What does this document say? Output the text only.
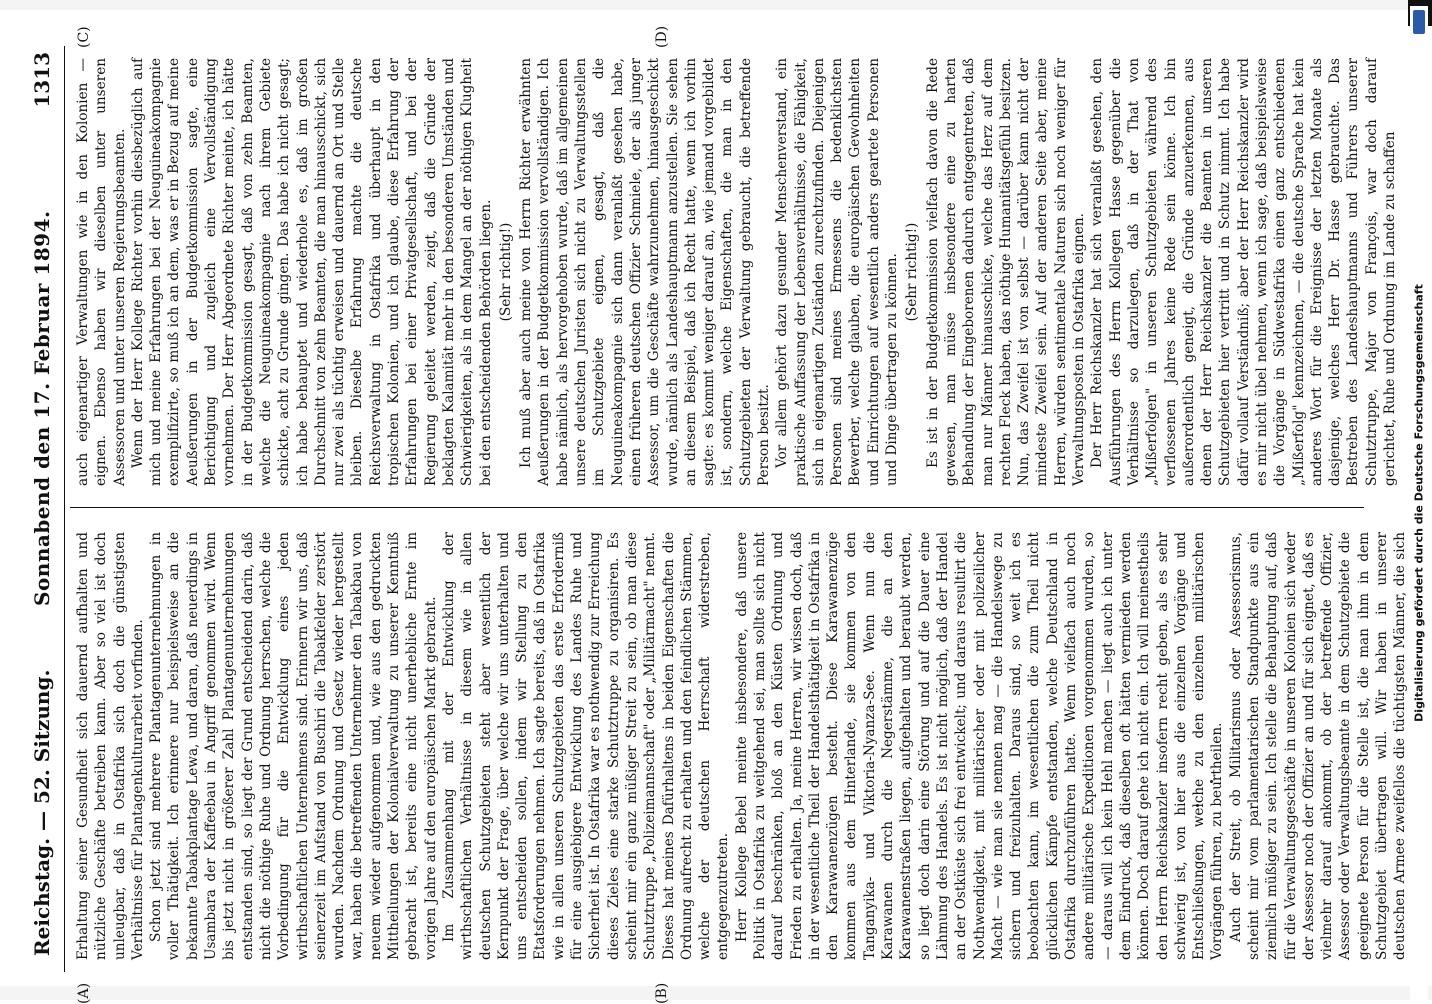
Reichstag. — 52. Sitzung.
Sonnabend den 17. Februar 1894.
1313
(A)	(B)
(C)	(D)

Erhaltung seiner Gesundheit sich dauernd aufhalten und nützliche Geschäfte betreiben kann. Aber so viel ist doch unleugbar, daß in Ostafrika sich doch die günstigsten Verhältnisse für Plantagenkulturarbeit vorfinden. Schon jetzt sind mehrere Plantagenunternehmungen in voller Thätigkeit. Ich erinnere nur beispielsweise an die bekannte Tabakplantage Lewa, und daran, daß neuerdings in Usambara der Kaffeebau in Angriff genommen wird. Wenn bis jetzt nicht in größerer Zahl Plantagenunternehmungen entstanden sind, so liegt der Grund entscheidend darin, daß nicht die nöthige Ruhe und Ordnung herrschen, welche die Vorbedingung für die Entwicklung eines jeden wirthschaftlichen Unternehmens sind. Erinnern wir uns, daß seinerzeit im Aufstand von Buschiri die Tabakfelder zerstört wurden. Nachdem Ordnung und Gesetz wieder hergestellt war, haben die betreffenden Unternehmer den Tabakbau von neuem wieder aufgenommen und, wie aus den gedruckten Mittheilungen der Kolonialverwaltung zu unserer Kenntniß gebracht ist, bereits eine nicht unerhebliche Ernte im vorigen Jahre auf den europäischen Markt gebracht. Im Zusammenhang mit der Entwicklung der wirthschaftlichen Verhältnisse in diesem wie in allen deutschen Schutzgebieten steht aber wesentlich der Kernpunkt der Frage, über welche wir uns unterhalten und uns entscheiden sollen, indem wir Stellung zu den Etatsforderungen nehmen. Ich sagte bereits, daß in Ostafrika wie in allen unseren Schutzgebieten das erste Erforderniß für eine ausgiebigere Entwicklung des Landes Ruhe und Sicherheit ist. In Ostafrika war es nothwendig zur Erreichung dieses Zieles eine starke Schutztruppe zu organisiren. Es scheint mir ein ganz müßiger Streit zu sein, ob man diese Schutztruppe „Polizeimannschaft" oder „Militärmacht" nennt. Dieses hat meines Dafürhaltens in beiden Eigenschaften die Ordnung aufrecht zu erhalten und den feindlichen Stämmen, welche der deutschen Herrschaft widerstreben, entgegenzutreten. Herr Kollege Bebel meinte insbesondere, daß unsere Politik in Ostafrika zu weitgehend sei, man sollte sich nicht darauf beschränken, bloß an den Küsten Ordnung und Frieden zu erhalten. Ja, meine Herren, wir wissen doch, daß in der wesentliche Theil der Handelsthätigkeit in Ostafrika in den Karawanenzügen besteht. Diese Karawanenzüge kommen aus dem Hinterlande, sie kommen von den Tanganyika- und Viktoria-Nyanza-See. Wenn nun die Karawanen durch die Negerstämme, die an den Karawanenstraßen liegen, aufgehalten und beraubt werden, so liegt doch darin eine Störung und auf die Dauer eine Lähmung des Handels. Es ist nicht möglich, daß der Handel an der Ostküste sich frei entwickelt; und daraus resultirt die Nothwendigkeit, mit militärischer oder mit polizeilicher Macht — wie man sie nennen mag — die Handelswege zu sichern und freizuhalten. Daraus sind, so weit ich es beobachten kann, im wesentlichen die zum Theil nicht glücklichen Kämpfe entstanden, welche Deutschland in Ostafrika durchzuführen hatte. Wenn vielfach auch noch andere militärische Expeditionen vorgenommen wurden, so — daraus will ich kein Hehl machen — liegt auch ich unter dem Eindruck, daß dieselben oft hätten vermieden werden können. Doch darauf gehe ich nicht ein. Ich will meinestheils den Herrn Reichskanzler insofern recht geben, als es sehr schwierig ist, von hier aus die einzelnen Vorgänge und Entschließungen, welche zu den einzelnen militärischen Vorgängen führen, zu beurtheilen. Auch der Streit, ob Militarismus oder Assessorismus, scheint mir vom parlamentarischen Standpunkte aus ein ziemlich müßiger zu sein. Ich stelle die Behauptung auf, daß für die Verwaltungsgeschäfte in unseren Kolonien sich weder der Assessor noch der Offizier an und für sich eignet, daß es vielmehr darauf ankommt, ob der betreffende Offizier, Assessor oder Verwaltungsbeamte in dem Schutzgebiete die geeignete Person für die Stelle ist, die man ihm in dem Schutzgebiet übertragen will. Wir haben in unserer deutschen Armee zweifellos die tüchtigsten Männer, die sich

auch eigenartiger Verwaltungen wie in den Kolonien — eignen. Ebenso haben wir dieselben unter unseren Assessoren und unter unseren Regierungsbeamten. Wenn der Herr Kollege Richter vorhin diesbezüglich auf mich und meine Erfahrungen bei der Neuguineakompagnie exemplifizirte, so muß ich an dem, was er in Bezug auf meine Aeußerungen in der Budgetkommission sagte, eine Berichtigung und zugleich eine Vervollständigung vornehmen. Der Herr Abgeordnete Richter meinte, ich hätte in der Budgetkommission gesagt, daß von zehn Beamten, welche die Neuguineakompagnie nach ihrem Gebiete schickte, acht zu Grunde gingen. Das habe ich nicht gesagt; ich habe behauptet und wiederhole es, daß im großen Durchschnitt von zehn Beamten, die man hinausschickt, sich nur zwei als tüchtig erweisen und dauernd an Ort und Stelle bleiben. Dieselbe Erfahrung machte die deutsche Reichsverwaltung in Ostafrika und überhaupt in den tropischen Kolonien, und ich glaube, diese Erfahrung der Erfahrungen bei einer Privatgesellschaft, und bei der Regierung geleitet werden, zeigt, daß die Gründe der beklagten Kalamität mehr in den besonderen Umständen und Schwierigkeiten, als in dem Mangel an der nöthigen Klugheit bei den entscheidenden Behörden liegen. (Sehr richtig!) Ich muß aber auch meine von Herrn Richter erwähnten Aeußerungen in der Budgetkommission vervollständigen. Ich habe nämlich, als hervorgehoben wurde, daß im allgemeinen unsere deutschen Juristen sich nicht zu Verwaltungsstellen im Schutzgebiete eignen, gesagt, daß die Neuguineakompagnie sich dann veranlaßt gesehen habe, einen früheren deutschen Offizier Schmiele, der als junger Assessor, um die Geschäfte wahrzunehmen, hinausgeschickt wurde, nämlich als Landeshauptmann anzustellen. Sie sehen an diesem Beispiel, daß ich Recht hatte, wenn ich vorhin sagte: es kommt weniger darauf an, wie jemand vorgebildet ist, sondern, welche Eigenschaften, die man in den Schutzgebieten der Verwaltung gebraucht, die betreffende Person besitzt. Vor allem gehört dazu gesunder Menschenverstand, ein praktische Auffassung der Lebensverhältnisse, die Fähigkeit, sich in eigenartigen Zuständen zurechtzufinden. Diejenigen Personen sind meines Ermessens die bedenklichsten Bewerber, welche glauben, die europäischen Gewohnheiten und Einrichtungen auf wesentlich anders geartete Personen und Dinge übertragen zu können. (Sehr richtig!) Es ist in der Budgetkommission vielfach davon die Rede gewesen, man müsse insbesondere eine zu harten Behandlung der Eingeborenen dadurch entgegentreten, daß man nur Männer hinausschicke, welche das Herz auf dem rechten Fleck haben, das nöthige Humanitätsgefühl besitzen. Nun, das Zweifel ist von selbst — darüber kann nicht der mindeste Zweifel sein. Auf der anderen Seite aber, meine Herren, würden sentimentale Naturen sich noch weniger für Verwaltungsposten in Ostafrika eignen. Der Herr Reichskanzler hat sich veranlaßt gesehen, den Ausführungen des Herrn Kollegen Hasse gegenüber die Verhältnisse so darzulegen, daß in der That von „Mißerfolgen" in unseren Schutzgebieten während des verflossenen Jahres keine Rede sein könne. Ich bin außerordentlich geneigt, die Gründe anzuerkennen, aus denen der Herr Reichskanzler die Beamten in unseren Schutzgebieten hier vertritt und in Schutz nimmt. Ich habe dafür vollauf Verständniß; aber der Herr Reichskanzler wird es mir nicht übel nehmen, wenn ich sage, daß beispielsweise die Vorgänge in Südwestafrika einen ganz entschiedenen „Mißerfolg" kennzeichnen, — die deutsche Sprache hat kein anderes Wort für die Ereignisse der letzten Monate als dasjenige, welches Herr Dr. Hasse gebrauchte. Das Bestreben des Landeshauptmanns und Führers unserer Schutztruppe, Major von François, war doch darauf gerichtet, Ruhe und Ordnung im Lande zu schaffen Digitalisierung gefördert durch die Deutsche Forschungsgemeinschaft
